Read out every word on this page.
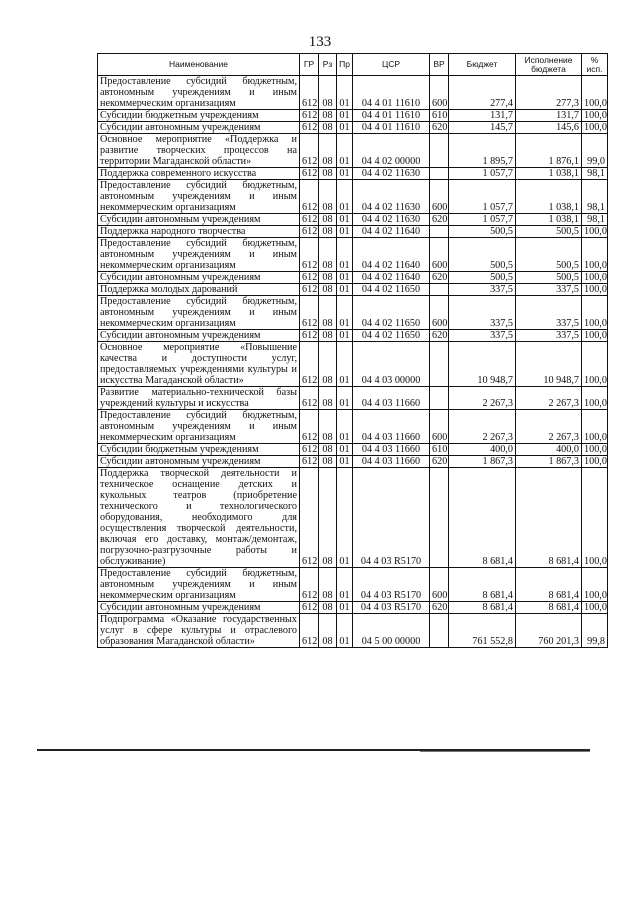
133
Наименование	ГР	Рз	Пр	ЦСР	ВР	Бюджет	Исполнение бюджета	% исп.
Предоставление субсидий бюджетным, автономным учреждениям и иным некоммерческим организациям	612	08	01	04 4 01 11610	600	277,4	277,3	100,0
Субсидии бюджетным учреждениям	612	08	01	04 4 01 11610	610	131,7	131,7	100,0
Субсидии автономным учреждениям	612	08	01	04 4 01 11610	620	145,7	145,6	100,0
Основное мероприятие «Поддержка и развитие творческих процессов на территории Магаданской области»	612	08	01	04 4 02 00000		1 895,7	1 876,1	99,0
Поддержка современного искусства	612	08	01	04 4 02 11630		1 057,7	1 038,1	98,1
Предоставление субсидий бюджетным, автономным учреждениям и иным некоммерческим организациям	612	08	01	04 4 02 11630	600	1 057,7	1 038,1	98,1
Субсидии автономным учреждениям	612	08	01	04 4 02 11630	620	1 057,7	1 038,1	98,1
Поддержка народного творчества	612	08	01	04 4 02 11640		500,5	500,5	100,0
Предоставление субсидий бюджетным, автономным учреждениям и иным некоммерческим организациям	612	08	01	04 4 02 11640	600	500,5	500,5	100,0
Субсидии автономным учреждениям	612	08	01	04 4 02 11640	620	500,5	500,5	100,0
Поддержка молодых дарований	612	08	01	04 4 02 11650		337,5	337,5	100,0
Предоставление субсидий бюджетным, автономным учреждениям и иным некоммерческим организациям	612	08	01	04 4 02 11650	600	337,5	337,5	100,0
Субсидии автономным учреждениям	612	08	01	04 4 02 11650	620	337,5	337,5	100,0
Основное мероприятие «Повышение качества и доступности услуг, предоставляемых учреждениями культуры и искусства Магаданской области»	612	08	01	04 4 03 00000		10 948,7	10 948,7	100,0
Развитие материально-технической базы учреждений культуры и искусства	612	08	01	04 4 03 11660		2 267,3	2 267,3	100,0
Предоставление субсидий бюджетным, автономным учреждениям и иным некоммерческим организациям	612	08	01	04 4 03 11660	600	2 267,3	2 267,3	100,0
Субсидии бюджетным учреждениям	612	08	01	04 4 03 11660	610	400,0	400,0	100,0
Субсидии автономным учреждениям	612	08	01	04 4 03 11660	620	1 867,3	1 867,3	100,0
Поддержка творческой деятельности и техническое оснащение детских и кукольных театров (приобретение технического и технологического оборудования, необходимого для осуществления творческой деятельности, включая его доставку, монтаж/демонтаж, погрузочно-разгрузочные работы и обслуживание)	612	08	01	04 4 03 R5170		8 681,4	8 681,4	100,0
Предоставление субсидий бюджетным, автономным учреждениям и иным некоммерческим организациям	612	08	01	04 4 03 R5170	600	8 681,4	8 681,4	100,0
Субсидии автономным учреждениям	612	08	01	04 4 03 R5170	620	8 681,4	8 681,4	100,0
Подпрограмма «Оказание государственных услуг в сфере культуры и отраслевого образования Магаданской области»	612	08	01	04 5 00 00000		761 552,8	760 201,3	99,8
